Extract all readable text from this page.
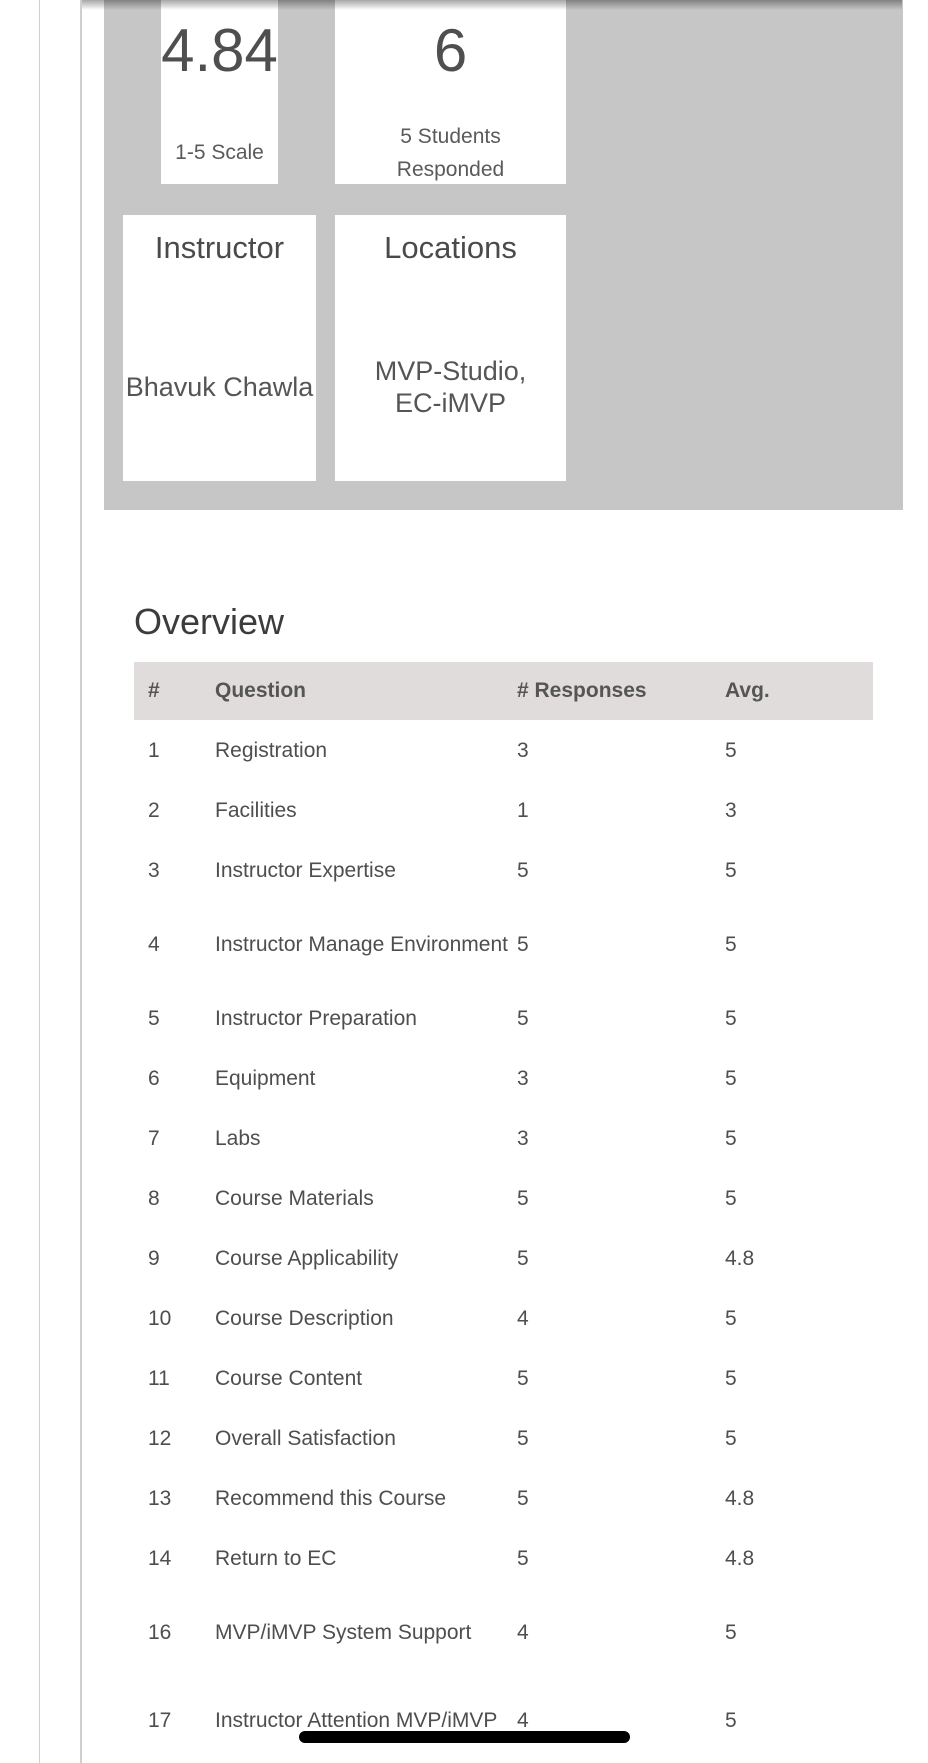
4.84
1-5 Scale
6
5 Students
Responded
Instructor
Bhavuk Chawla
Locations
MVP-Studio,
EC-iMVP
Overview
#	Question	# Responses	Avg.
1	Registration	3	5
2	Facilities	1	3
3	Instructor Expertise	5	5
4	Instructor Manage Environment	5	5
5	Instructor Preparation	5	5
6	Equipment	3	5
7	Labs	3	5
8	Course Materials	5	5
9	Course Applicability	5	4.8
10	Course Description	4	5
11	Course Content	5	5
12	Overall Satisfaction	5	5
13	Recommend this Course	5	4.8
14	Return to EC	5	4.8
16	MVP/iMVP System Support	4	5
17	Instructor Attention MVP/iMVP	4	5
